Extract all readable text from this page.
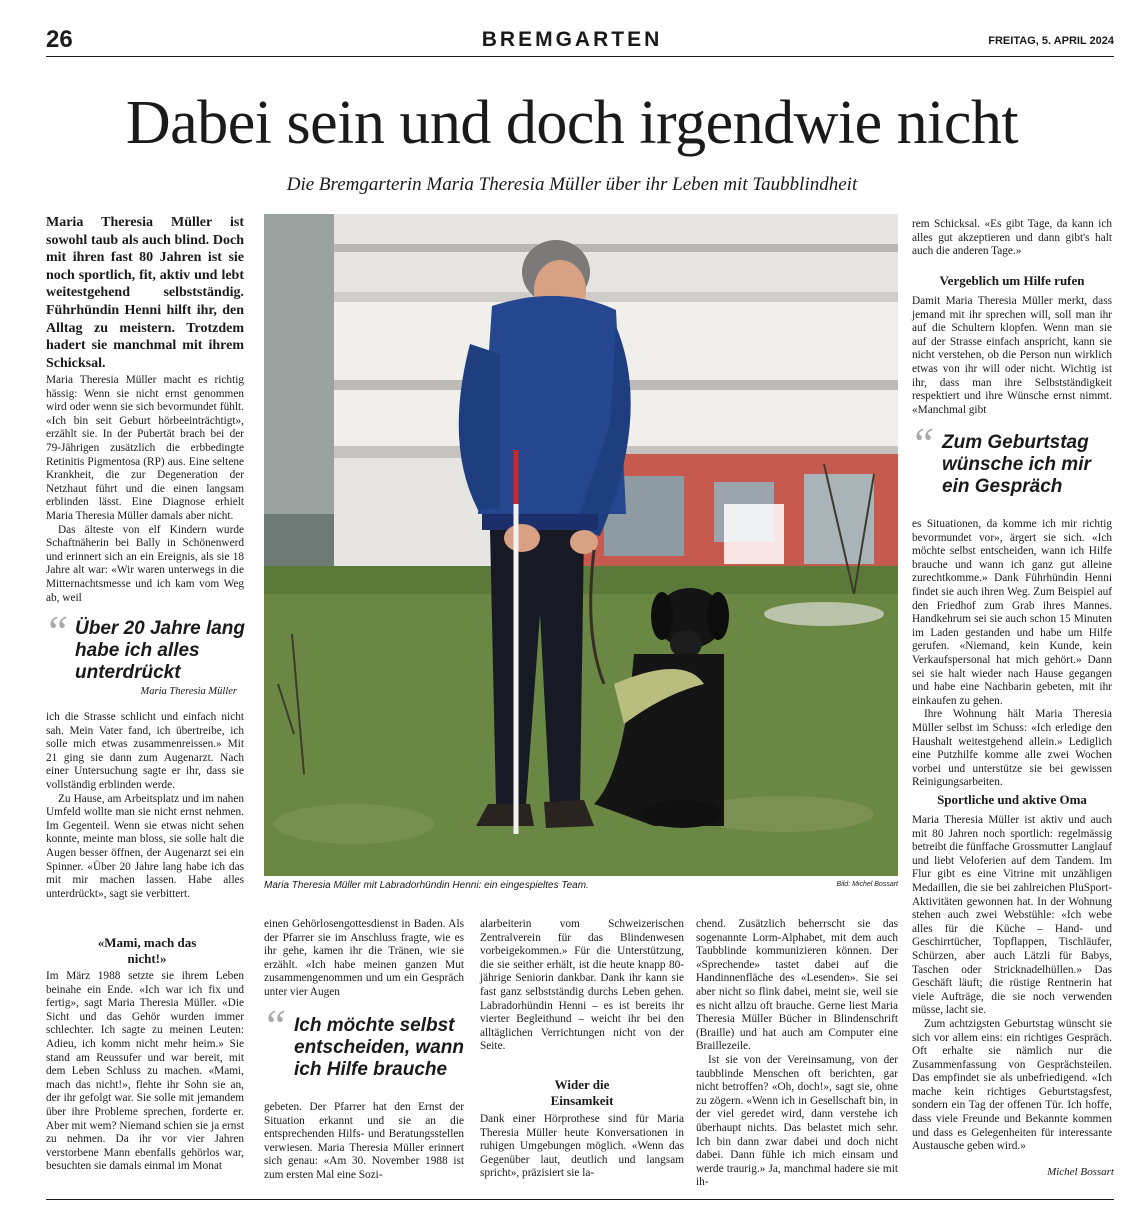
26	BREMGARTEN	FREITAG, 5. APRIL 2024
Dabei sein und doch irgendwie nicht
Die Bremgarterin Maria Theresia Müller über ihr Leben mit Taubblindheit
Maria Theresia Müller ist sowohl taub als auch blind. Doch mit ihren fast 80 Jahren ist sie noch sportlich, fit, aktiv und lebt weitestgehend selbstständig. Führhündin Henni hilft ihr, den Alltag zu meistern. Trotzdem hadert sie manchmal mit ihrem Schicksal.

Maria Theresia Müller macht es richtig hässig: Wenn sie nicht ernst genommen wird oder wenn sie sich bevormundet fühlt. «Ich bin seit Geburt hörbeeinträchtigt», erzählt sie. In der Pubertät brach bei der 79-Jährigen zusätzlich die erbbedingte Retinitis Pigmentosa (RP) aus. Eine seltene Krankheit, die zur Degeneration der Netzhaut führt und die einen langsam erblinden lässt. Eine Diagnose erhielt Maria Theresia Müller damals aber nicht.

Das älteste von elf Kindern wurde Schaftnäherin bei Bally in Schönenwerd und erinnert sich an ein Ereignis, als sie 18 Jahre alt war: «Wir waren unterwegs in die Mitternachtsmesse und ich kam vom Weg ab, weil

“ Über 20 Jahre lang habe ich alles unterdrückt
Maria Theresia Müller

ich die Strasse schlicht und einfach nicht sah. Mein Vater fand, ich übertreibe, ich solle mich etwas zusammenreissen.» Mit 21 ging sie dann zum Augenarzt. Nach einer Untersuchung sagte er ihr, dass sie vollständig erblinden werde.

Zu Hause, am Arbeitsplatz und im nahen Umfeld wollte man sie nicht ernst nehmen. Im Gegenteil. Wenn sie etwas nicht sehen konnte, meinte man bloss, sie solle halt die Augen besser öffnen, der Augenarzt sei ein Spinner. «Über 20 Jahre lang habe ich das mit mir machen lassen. Habe alles unterdrückt», sagt sie verbittert.

«Mami, mach das nicht!»

Im März 1988 setzte sie ihrem Leben beinahe ein Ende. «Ich war ich fix und fertig», sagt Maria Theresia Müller. «Die Sicht und das Gehör wurden immer schlechter. Ich sagte zu meinen Leuten: Adieu, ich komm nicht mehr heim.» Sie stand am Reussufer und war bereit, mit dem Leben Schluss zu machen. «Mami, mach das nicht!», flehte ihr Sohn sie an, der ihr gefolgt war. Sie solle mit jemandem über ihre Probleme sprechen, forderte er. Aber mit wem? Niemand schien sie ja ernst zu nehmen. Da ihr vor vier Jahren verstorbene Mann ebenfalls gehörlos war, besuchten sie damals einmal im Monat

Maria Theresia Müller mit Labradorhündin Henni: ein eingespieltes Team.	Bild: Michel Bossart

einen Gehörlosengottesdienst in Baden. Als der Pfarrer sie im Anschluss fragte, wie es ihr gehe, kamen ihr die Tränen, wie sie erzählt. «Ich habe meinen ganzen Mut zusammengenommen und um ein Gespräch unter vier Augen

“ Ich möchte selbst entscheiden, wann ich Hilfe brauche

gebeten. Der Pfarrer hat den Ernst der Situation erkannt und sie an die entsprechenden Hilfs- und Beratungsstellen verwiesen. Maria Theresia Müller erinnert sich genau: «Am 30. November 1988 ist zum ersten Mal eine Sozi-

alarbeiterin vom Schweizerischen Zentralverein für das Blindenwesen vorbeigekommen.» Für die Unterstützung, die sie seither erhält, ist die heute knapp 80-jährige Seniorin dankbar. Dank ihr kann sie fast ganz selbstständig durchs Leben gehen. Labradorhündin Henni – es ist bereits ihr vierter Begleithund – weicht ihr bei den alltäglichen Verrichtungen nicht von der Seite.

Wider die Einsamkeit

Dank einer Hörprothese sind für Maria Theresia Müller heute Konversationen in ruhigen Umgebungen möglich. «Wenn das Gegenüber laut, deutlich und langsam spricht», präzisiert sie la-

chend. Zusätzlich beherrscht sie das sogenannte Lorm-Alphabet, mit dem auch Taubblinde kommunizieren können. Der «Sprechende» tastet dabei auf die Handinnenfläche des «Lesenden». Sie sei aber nicht so flink dabei, meint sie, weil sie es nicht allzu oft brauche. Gerne liest Maria Theresia Müller Bücher in Blindenschrift (Braille) und hat auch am Computer eine Braillezeile.

Ist sie von der Vereinsamung, von der taubblinde Menschen oft berichten, gar nicht betroffen? «Oh, doch!», sagt sie, ohne zu zögern. «Wenn ich in Gesellschaft bin, in der viel geredet wird, dann verstehe ich überhaupt nichts. Das belastet mich sehr. Ich bin dann zwar dabei und doch nicht dabei. Dann fühle ich mich einsam und werde traurig.» Ja, manchmal hadere sie mit ih-

rem Schicksal. «Es gibt Tage, da kann ich alles gut akzeptieren und dann gibt's halt auch die anderen Tage.»

Vergeblich um Hilfe rufen

Damit Maria Theresia Müller merkt, dass jemand mit ihr sprechen will, soll man ihr auf die Schultern klopfen. Wenn man sie auf der Strasse einfach anspricht, kann sie nicht verstehen, ob die Person nun wirklich etwas von ihr will oder nicht. Wichtig ist ihr, dass man ihre Selbstständigkeit respektiert und ihre Wünsche ernst nimmt. «Manchmal gibt

“ Zum Geburtstag wünsche ich mir ein Gespräch

es Situationen, da komme ich mir richtig bevormundet vor», ärgert sie sich. «Ich möchte selbst entscheiden, wann ich Hilfe brauche und wann ich ganz gut alleine zurechtkomme.» Dank Führhündin Henni findet sie auch ihren Weg. Zum Beispiel auf den Friedhof zum Grab ihres Mannes. Handkehrum sei sie auch schon 15 Minuten im Laden gestanden und habe um Hilfe gerufen. «Niemand, kein Kunde, kein Verkaufspersonal hat mich gehört.» Dann sei sie halt wieder nach Hause gegangen und habe eine Nachbarin gebeten, mit ihr einkaufen zu gehen.

Ihre Wohnung hält Maria Theresia Müller selbst im Schuss: «Ich erledige den Haushalt weitestgehend allein.» Lediglich eine Putzhilfe komme alle zwei Wochen vorbei und unterstütze sie bei gewissen Reinigungsarbeiten.

Sportliche und aktive Oma

Maria Theresia Müller ist aktiv und auch mit 80 Jahren noch sportlich: regelmässig betreibt die fünffache Grossmutter Langlauf und liebt Veloferien auf dem Tandem. Im Flur gibt es eine Vitrine mit unzähligen Medaillen, die sie bei zahlreichen PluSport-Aktivitäten gewonnen hat. In der Wohnung stehen auch zwei Webstühle: «Ich webe alles für die Küche – Hand- und Geschirrtücher, Topflappen, Tischläufer, Schürzen, aber auch Lätzli für Babys, Taschen oder Stricknadelhüllen.» Das Geschäft läuft; die rüstige Rentnerin hat viele Aufträge, die sie noch verwenden müsse, lacht sie.

Zum achtzigsten Geburtstag wünscht sie sich vor allem eins: ein richtiges Gespräch. Oft erhalte sie nämlich nur die Zusammenfassung von Gesprächsteilen. Das empfindet sie als unbefriedigend. «Ich mache kein richtiges Geburtstagsfest, sondern ein Tag der offenen Tür. Ich hoffe, dass viele Freunde und Bekannte kommen und dass es Gelegenheiten für interessante Austausche geben wird.»

Michel Bossart
